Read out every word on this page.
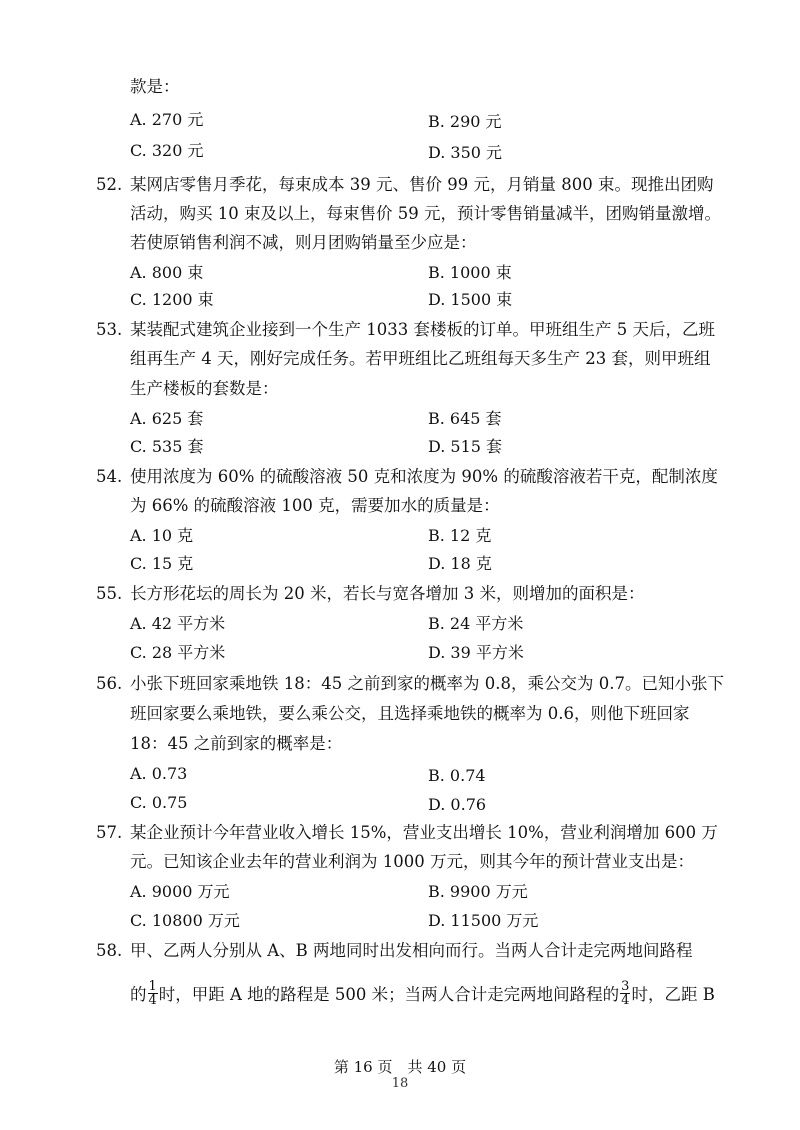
款是：
A. 270 元	B. 290 元
C. 320 元	D. 350 元
52. 某网店零售月季花，每束成本 39 元、售价 99 元，月销量 800 束。现推出团购
活动，购买 10 束及以上，每束售价 59 元，预计零售销量减半，团购销量激增。
若使原销售利润不减，则月团购销量至少应是：
A. 800 束	B. 1000 束
C. 1200 束	D. 1500 束
53. 某装配式建筑企业接到一个生产 1033 套楼板的订单。甲班组生产 5 天后，乙班
组再生产 4 天，刚好完成任务。若甲班组比乙班组每天多生产 23 套，则甲班组
生产楼板的套数是：
A. 625 套	B. 645 套
C. 535 套	D. 515 套
54. 使用浓度为 60% 的硫酸溶液 50 克和浓度为 90% 的硫酸溶液若干克，配制浓度
为 66% 的硫酸溶液 100 克，需要加水的质量是：
A. 10 克	B. 12 克
C. 15 克	D. 18 克
55. 长方形花坛的周长为 20 米，若长与宽各增加 3 米，则增加的面积是：
A. 42 平方米	B. 24 平方米
C. 28 平方米	D. 39 平方米
56. 小张下班回家乘地铁 18：45 之前到家的概率为 0.8，乘公交为 0.7。已知小张下
班回家要么乘地铁，要么乘公交，且选择乘地铁的概率为 0.6，则他下班回家
18：45 之前到家的概率是：
A. 0.73	B. 0.74
C. 0.75	D. 0.76
57. 某企业预计今年营业收入增长 15%，营业支出增长 10%，营业利润增加 600 万
元。已知该企业去年的营业利润为 1000 万元，则其今年的预计营业支出是：
A. 9000 万元	B. 9900 万元
C. 10800 万元	D. 11500 万元
58. 甲、乙两人分别从 A、B 两地同时出发相向而行。当两人合计走完两地间路程
的 $\frac{1}{4}$ 时，甲距 A 地的路程是 500 米；当两人合计走完两地间路程的 $\frac{3}{4}$ 时，乙距 B
第 16 页　共 40 页
18
